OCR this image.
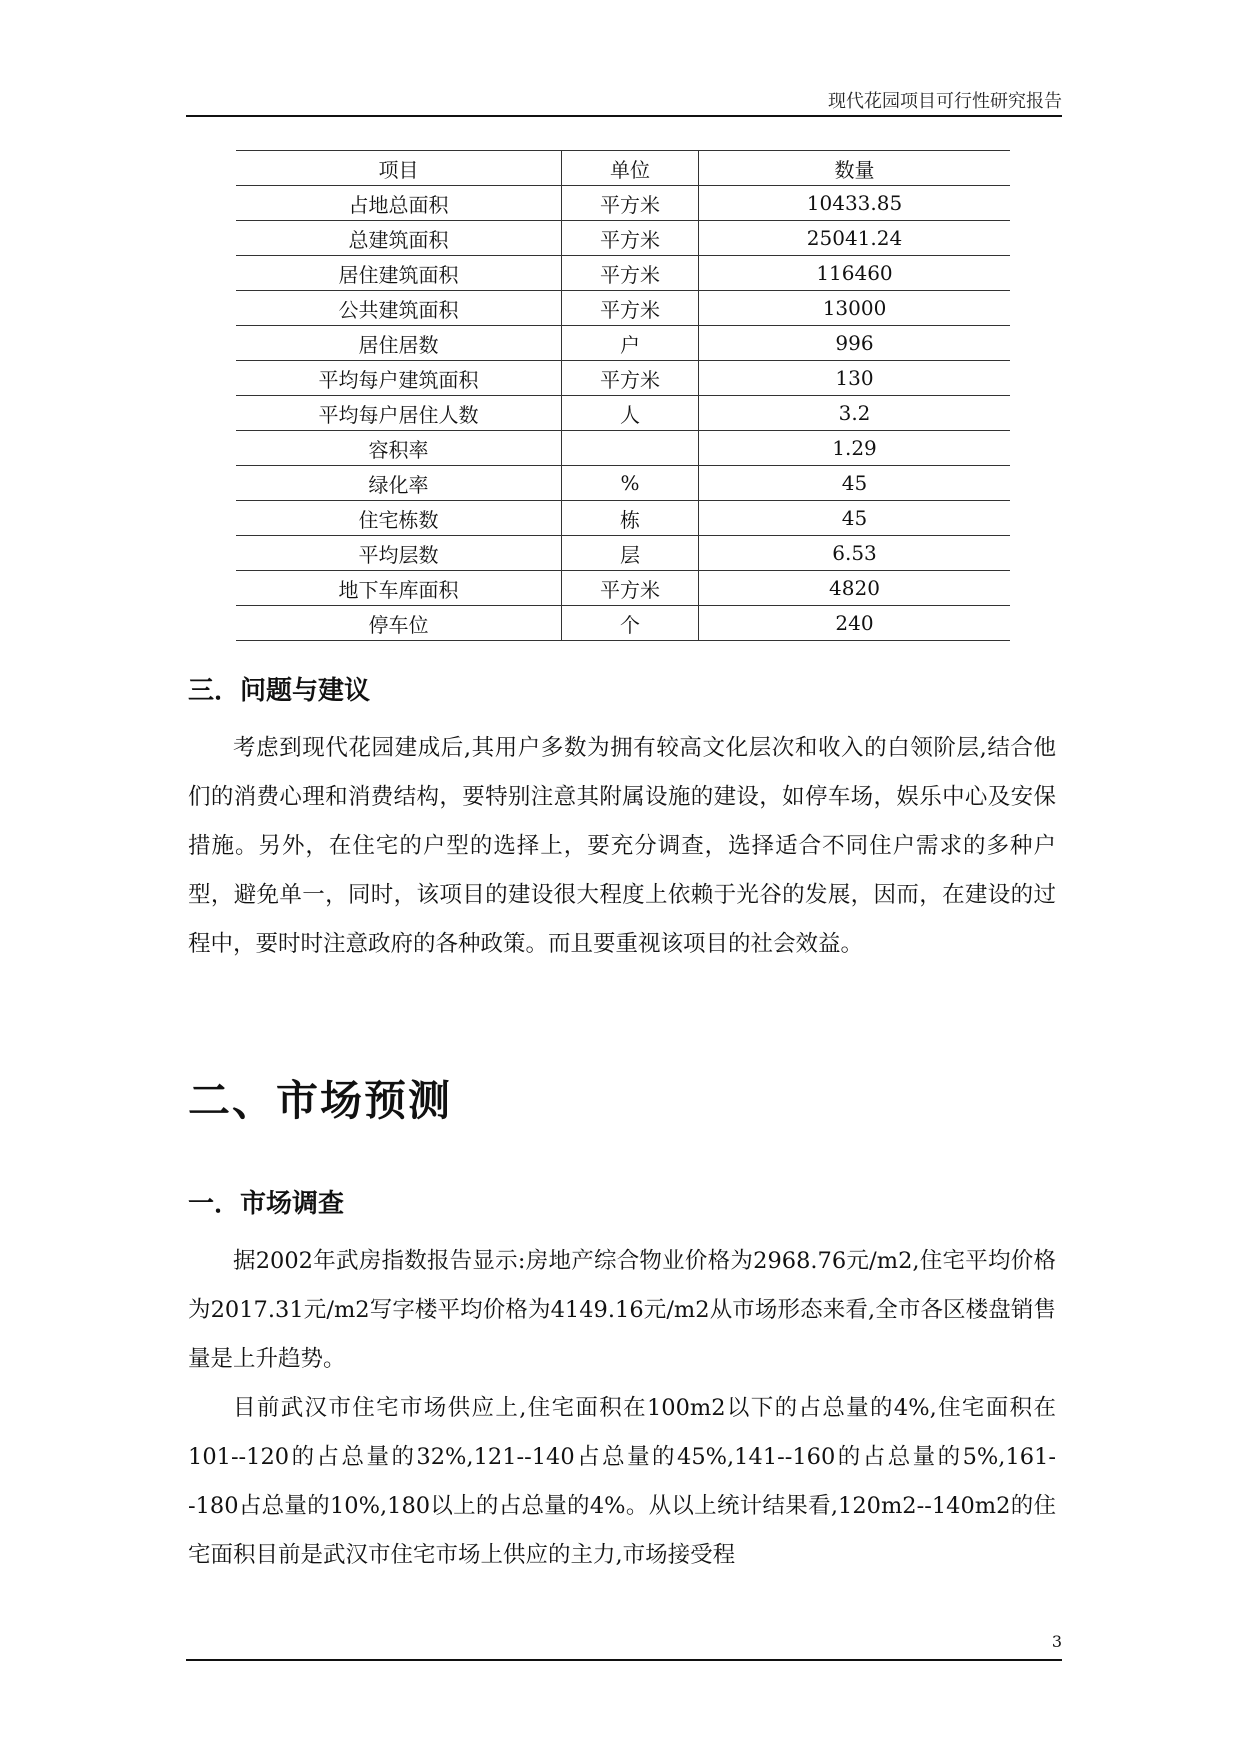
现代花园项目可行性研究报告
项目	单位	数量
占地总面积	平方米	10433.85
总建筑面积	平方米	25041.24
居住建筑面积	平方米	116460
公共建筑面积	平方米	13000
居住居数	户	996
平均每户建筑面积	平方米	130
平均每户居住人数	人	3.2
容积率		1.29
绿化率	%	45
住宅栋数	栋	45
平均层数	层	6.53
地下车库面积	平方米	4820
停车位	个	240
三．问题与建议

考虑到现代花园建成后,其用户多数为拥有较高文化层次和收入的白领阶层,结合他们的消费心理和消费结构，要特别注意其附属设施的建设，如停车场，娱乐中心及安保措施。另外，在住宅的户型的选择上，要充分调查，选择适合不同住户需求的多种户型，避免单一，同时，该项目的建设很大程度上依赖于光谷的发展，因而，在建设的过程中，要时时注意政府的各种政策。而且要重视该项目的社会效益。

二、市场预测
一．市场调查

据2002年武房指数报告显示:房地产综合物业价格为2968.76元/m2,住宅平均价格为2017.31元/m2写字楼平均价格为4149.16元/m2从市场形态来看,全市各区楼盘销售量是上升趋势。

目前武汉市住宅市场供应上,住宅面积在100m2以下的占总量的4%,住宅面积在101--120的占总量的32%,121--140占总量的45%,141--160的占总量的5%,161--180占总量的10%,180以上的占总量的4%。从以上统计结果看,120m2--140m2的住宅面积目前是武汉市住宅市场上供应的主力,市场接受程

3
